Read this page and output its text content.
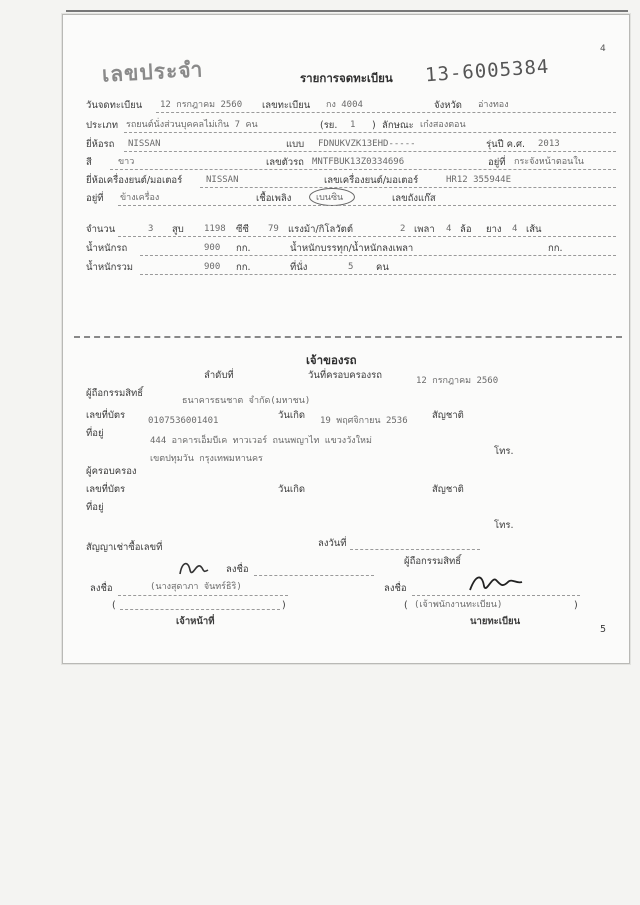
4
เลขประจำ	รายการจดทะเบียน 13-6005384
วันจดทะเบียน 12 กรกฎาคม 2560 เลขทะเบียน กง 4004	จังหวัด อ่างทอง
ประเภท รถยนต์นั่งส่วนบุคคลไม่เกิน 7 คน	(รย. 1 ) ลักษณะ เก๋งสองตอน
ยี่ห้อรถ NISSAN	แบบ FDNUKVZK13EHD-----	รุ่นปี ค.ศ. 2013
สี	ขาว	เลขตัวรถ MNTFBUK13Z0334696	อยู่ที่ กระจังหน้าตอนใน
ยี่ห้อเครื่องยนต์/มอเตอร์	NISSAN	เลขเครื่องยนต์/มอเตอร์	HR12 355944E
อยู่ที่ ข้างเครื่อง	เชื้อเพลิง	เบนซิน	เลขถังแก๊ส
จำนวน	3 สูบ 1198 ซีซี 79 แรงม้า/กิโลวัตต์	2 เพลา 4 ล้อ ยาง 4 เส้น
น้ำหนักรถ	900 กก.	น้ำหนักบรรทุก/น้ำหนักลงเพลา	กก.
น้ำหนักรวม	900 กก.	ที่นั่ง	5 คน
เจ้าของรถ
ลำดับที่	วันที่ครอบครองรถ	12 กรกฎาคม 2560
ผู้ถือกรรมสิทธิ์
ธนาคารธนชาต จำกัด(มหาชน)
เลขที่บัตร	0107536001401	วันเกิด 19 พฤศจิกายน 2536	สัญชาติ
ที่อยู่
444 อาคารเอ็มบีเค ทาวเวอร์ ถนนพญาไท แขวงวังใหม่
โทร.
เขตปทุมวัน กรุงเทพมหานคร
ผู้ครอบครอง
เลขที่บัตร	วันเกิด	สัญชาติ
ที่อยู่
โทร.
สัญญาเช่าซื้อเลขที่	ลงวันที่
ผู้ถือกรรมสิทธิ์
ลงชื่อ
ลงชื่อ	(นางสุดาภา จันทร์ธิริ)
(	)
เจ้าหน้าที่
ลงชื่อ
( (เจ้าพนักงานทะเบียน)	)
นายทะเบียน
5
